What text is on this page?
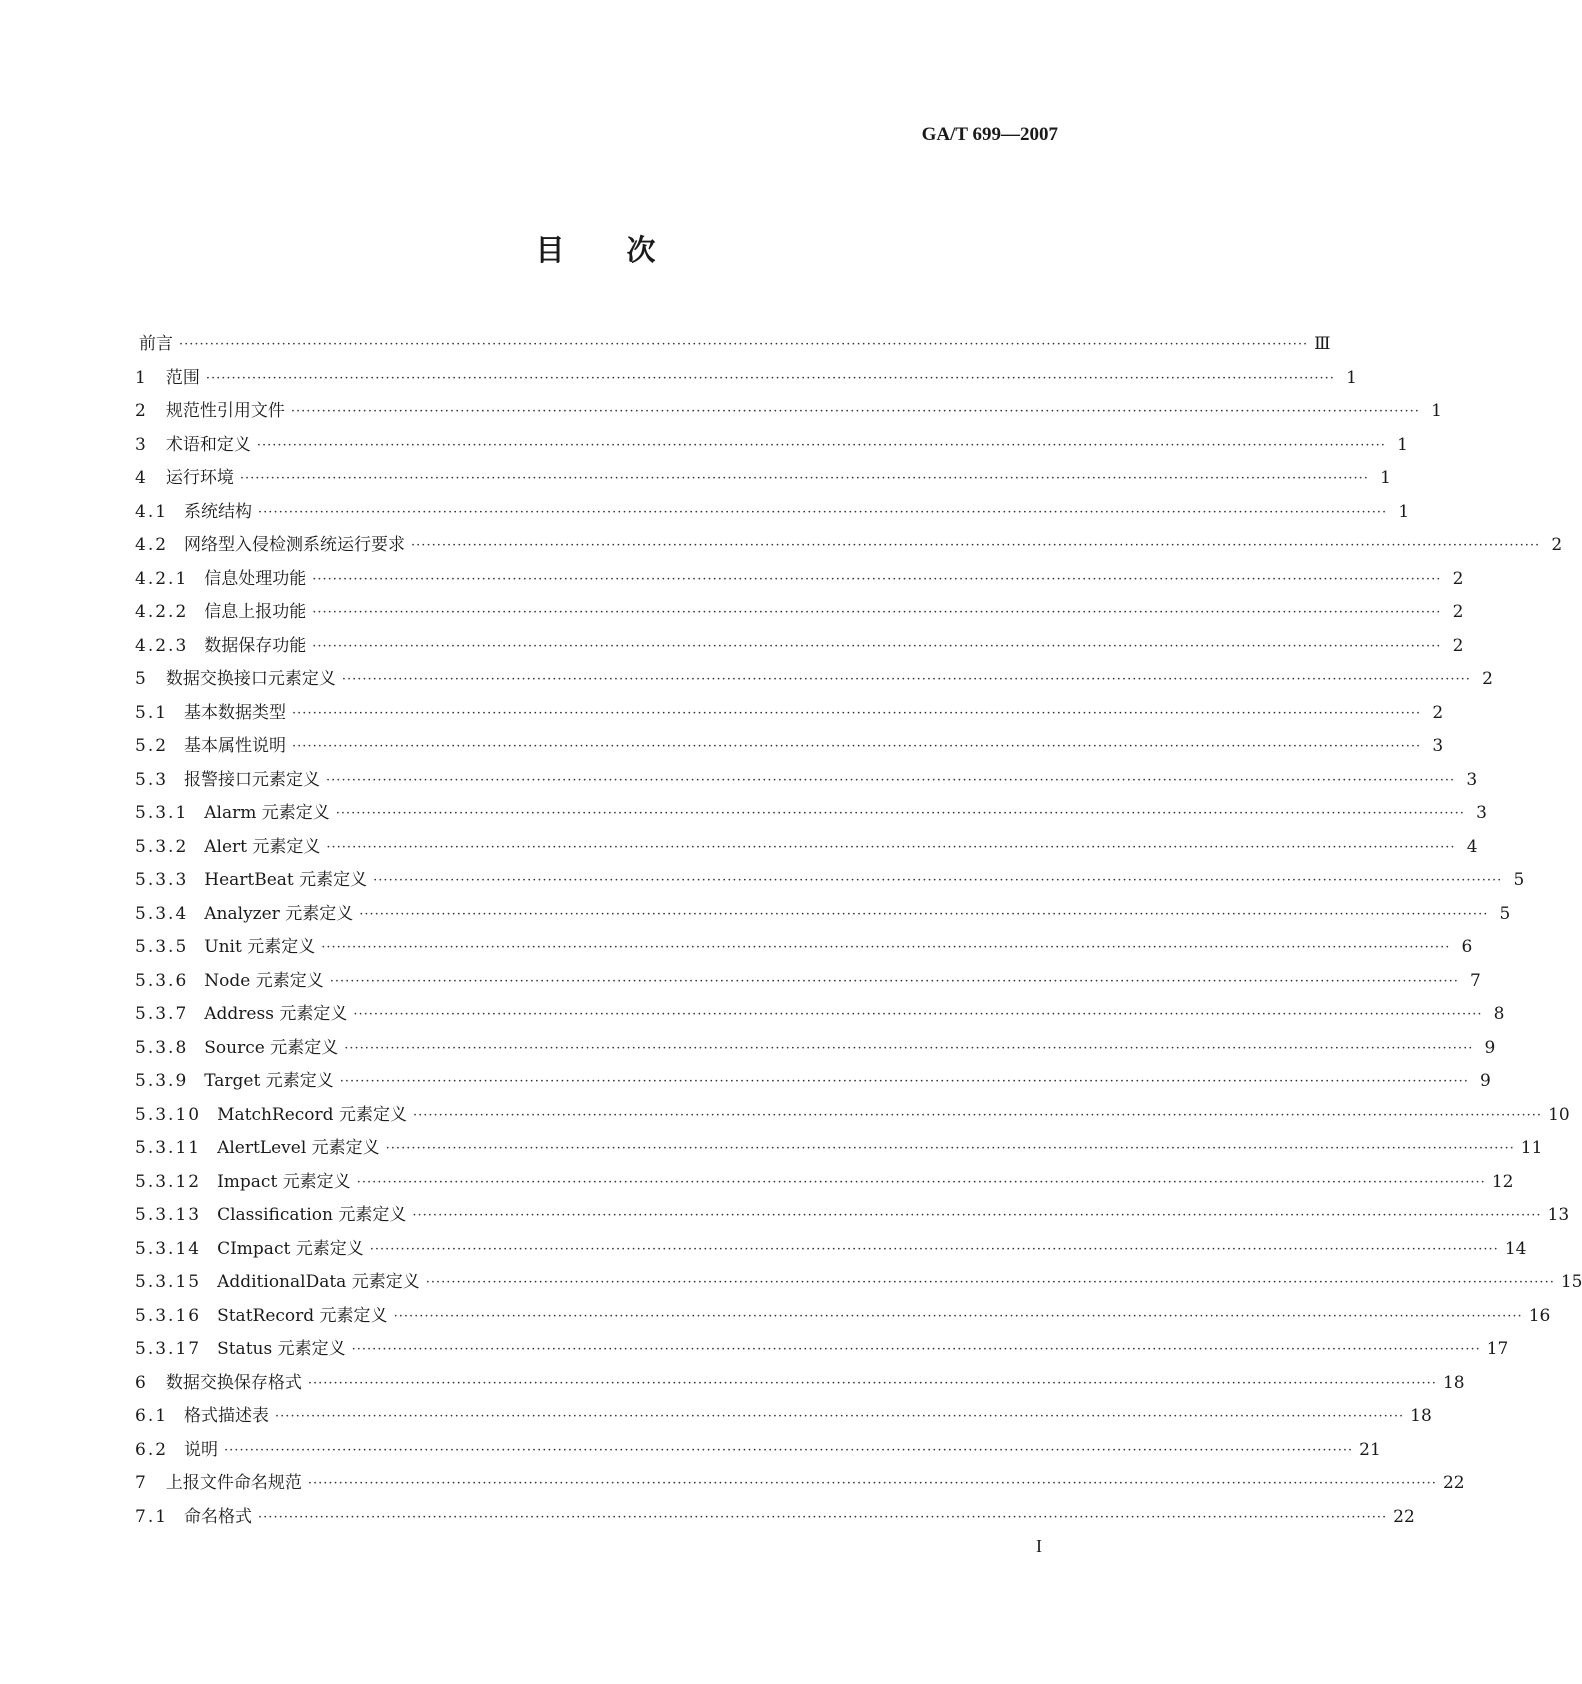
GA/T 699—2007
目 次
前言 ···························································································································································································································· Ⅲ
1 范围 ···························································································································································································································· 1
2 规范性引用文件 ···························································································································································································································· 1
3 术语和定义 ···························································································································································································································· 1
4 运行环境 ···························································································································································································································· 1
4.1 系统结构 ···························································································································································································································· 1
4.2 网络型入侵检测系统运行要求 ···························································································································································································································· 2
4.2.1 信息处理功能 ···························································································································································································································· 2
4.2.2 信息上报功能 ···························································································································································································································· 2
4.2.3 数据保存功能 ···························································································································································································································· 2
5 数据交换接口元素定义 ···························································································································································································································· 2
5.1 基本数据类型 ···························································································································································································································· 2
5.2 基本属性说明 ···························································································································································································································· 3
5.3 报警接口元素定义 ···························································································································································································································· 3
5.3.1 Alarm 元素定义 ···························································································································································································································· 3
5.3.2 Alert 元素定义 ···························································································································································································································· 4
5.3.3 HeartBeat 元素定义 ···························································································································································································································· 5
5.3.4 Analyzer 元素定义 ···························································································································································································································· 5
5.3.5 Unit 元素定义 ···························································································································································································································· 6
5.3.6 Node 元素定义 ···························································································································································································································· 7
5.3.7 Address 元素定义 ···························································································································································································································· 8
5.3.8 Source 元素定义 ···························································································································································································································· 9
5.3.9 Target 元素定义 ···························································································································································································································· 9
5.3.10 MatchRecord 元素定义 ···························································································································································································································· 10
5.3.11 AlertLevel 元素定义 ···························································································································································································································· 11
5.3.12 Impact 元素定义 ···························································································································································································································· 12
5.3.13 Classification 元素定义 ···························································································································································································································· 13
5.3.14 CImpact 元素定义 ···························································································································································································································· 14
5.3.15 AdditionalData 元素定义 ···························································································································································································································· 15
5.3.16 StatRecord 元素定义 ···························································································································································································································· 16
5.3.17 Status 元素定义 ···························································································································································································································· 17
6 数据交换保存格式 ···························································································································································································································· 18
6.1 格式描述表 ···························································································································································································································· 18
6.2 说明 ···························································································································································································································· 21
7 上报文件命名规范 ···························································································································································································································· 22
7.1 命名格式 ···························································································································································································································· 22
I
